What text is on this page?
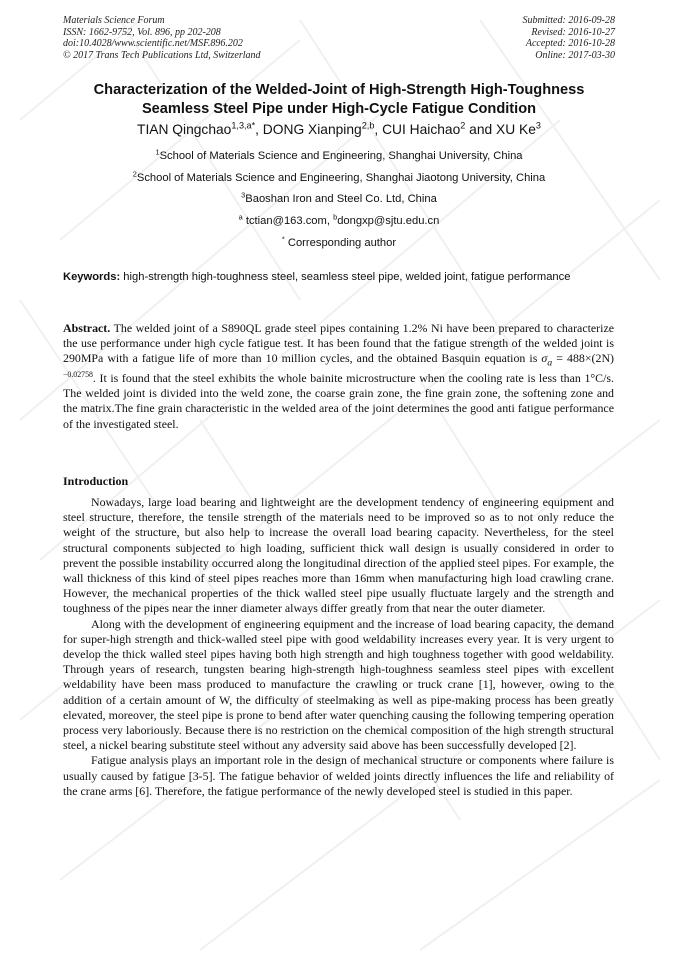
Materials Science Forum
ISSN: 1662-9752, Vol. 896, pp 202-208
doi:10.4028/www.scientific.net/MSF.896.202
© 2017 Trans Tech Publications Ltd, Switzerland
Submitted: 2016-09-28
Revised: 2016-10-27
Accepted: 2016-10-28
Online: 2017-03-30
Characterization of the Welded-Joint of High-Strength High-Toughness
Seamless Steel Pipe under High-Cycle Fatigue Condition
TIAN Qingchao$^{1,3,a*}$, DONG Xianping$^{2,b}$, CUI Haichao$^2$ and XU Ke$^3$
$^1$School of Materials Science and Engineering, Shanghai University, China
$^2$School of Materials Science and Engineering, Shanghai Jiaotong University, China
$^3$Baoshan Iron and Steel Co. Ltd, China
$^a$ tctian@163.com, $^b$dongxp@sjtu.edu.cn
* Corresponding author
Keywords: high-strength high-toughness steel, seamless steel pipe, welded joint, fatigue performance

Abstract. The welded joint of a S890QL grade steel pipes containing 1.2% Ni have been prepared to characterize the use performance under high cycle fatigue test. It has been found that the fatigue strength of the welded joint is 290MPa with a fatigue life of more than 10 million cycles, and the obtained Basquin equation is $\sigma_a = 488\times(2N)^{-0.02758}$. It is found that the steel exhibits the whole bainite microstructure when the cooling rate is less than 1°C/s. The welded joint is divided into the weld zone, the coarse grain zone, the fine grain zone, the softening zone and the matrix.The fine grain characteristic in the welded area of the joint determines the good anti fatigue performance of the investigated steel.

Introduction

Nowadays, large load bearing and lightweight are the development tendency of engineering equipment and steel structure, therefore, the tensile strength of the materials need to be improved so as to not only reduce the weight of the structure, but also help to increase the overall load bearing capacity. Nevertheless, for the steel structural components subjected to high loading, sufficient thick wall design is usually considered in order to prevent the possible instability occurred along the longitudinal direction of the applied steel pipes. For example, the wall thickness of this kind of steel pipes reaches more than 16mm when manufacturing high load crawling crane. However, the mechanical properties of the thick walled steel pipe usually fluctuate largely and the strength and toughness of the pipes near the inner diameter always differ greatly from that near the outer diameter.

Along with the development of engineering equipment and the increase of load bearing capacity, the demand for super-high strength and thick-walled steel pipe with good weldability increases every year. It is very urgent to develop the thick walled steel pipes having both high strength and high toughness together with good weldability. Through years of research, tungsten bearing high-strength high-toughness seamless steel pipes with excellent weldability have been mass produced to manufacture the crawling or truck crane [1], however, owing to the addition of a certain amount of W, the difficulty of steelmaking as well as pipe-making process has been greatly elevated, moreover, the steel pipe is prone to bend after water quenching causing the following tempering operation process very laboriously. Because there is no restriction on the chemical composition of the high strength structural steel, a nickel bearing substitute steel without any adversity said above has been successfully developed [2].

Fatigue analysis plays an important role in the design of mechanical structure or components where failure is usually caused by fatigue [3-5]. The fatigue behavior of welded joints directly influences the life and reliability of the crane arms [6]. Therefore, the fatigue performance of the newly developed steel is studied in this paper.
